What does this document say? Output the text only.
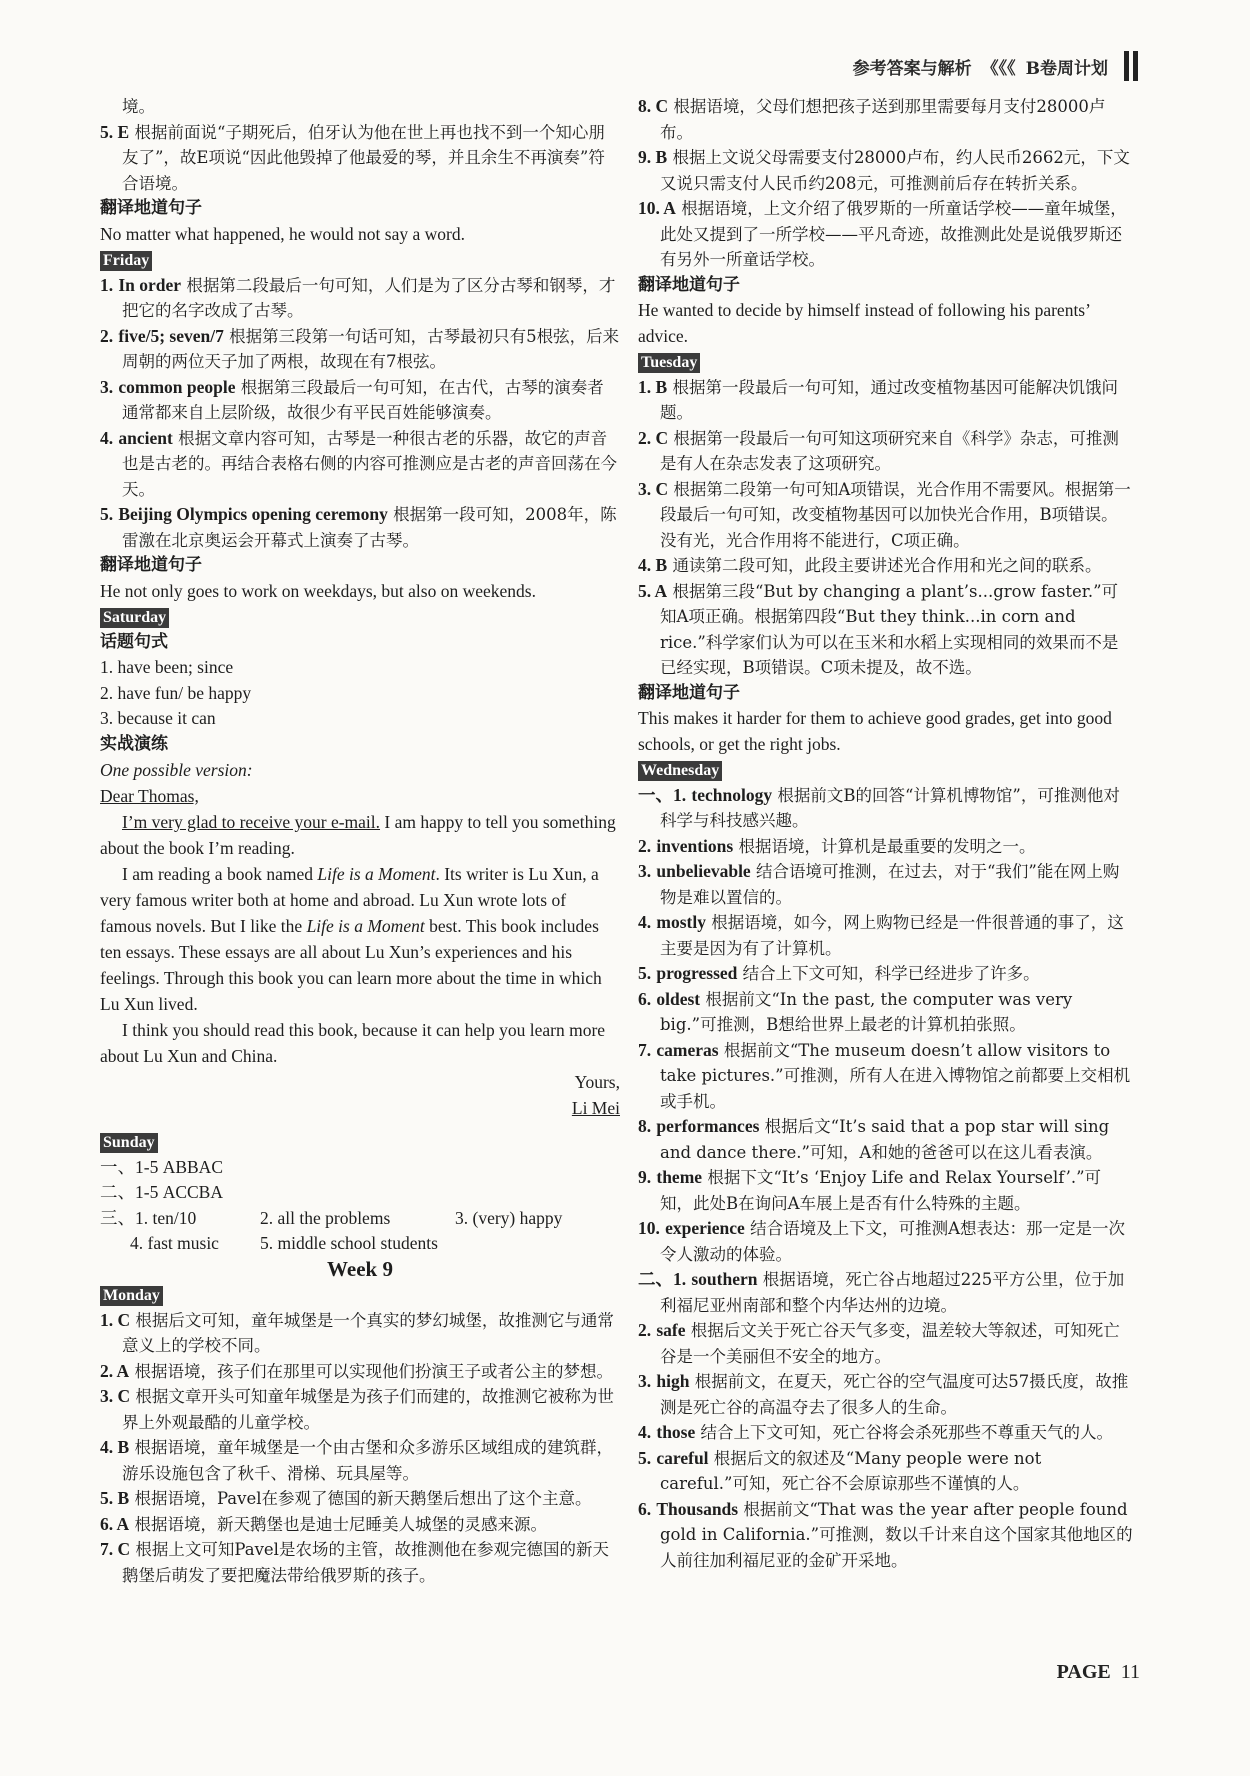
参考答案与解析 《《《 B卷周计划

境。

5. E 根据前面说“子期死后，伯牙认为他在世上再也找不到一个知心朋友了”，故E项说“因此他毁掉了他最爱的琴，并且余生不再演奏”符合语境。

翻译地道句子

No matter what happened, he would not say a word.

Friday

1. In order 根据第二段最后一句可知，人们是为了区分古琴和钢琴，才把它的名字改成了古琴。

2. five/5; seven/7 根据第三段第一句话可知，古琴最初只有5根弦，后来周朝的两位天子加了两根，故现在有7根弦。

3. common people 根据第三段最后一句可知，在古代，古琴的演奏者通常都来自上层阶级，故很少有平民百姓能够演奏。

4. ancient 根据文章内容可知，古琴是一种很古老的乐器，故它的声音也是古老的。再结合表格右侧的内容可推测应是古老的声音回荡在今天。

5. Beijing Olympics opening ceremony 根据第一段可知，2008年，陈雷激在北京奥运会开幕式上演奏了古琴。

翻译地道句子

He not only goes to work on weekdays, but also on weekends.

Saturday

话题句式

1. have been; since

2. have fun/ be happy

3. because it can

实战演练

One possible version:

Dear Thomas,

I’m very glad to receive your e-mail. I am happy to tell you something about the book I’m reading.

I am reading a book named Life is a Moment. Its writer is Lu Xun, a very famous writer both at home and abroad. Lu Xun wrote lots of famous novels. But I like the Life is a Moment best. This book includes ten essays. These essays are all about Lu Xun’s experiences and his feelings. Through this book you can learn more about the time in which Lu Xun lived.

I think you should read this book, because it can help you learn more about Lu Xun and China.

Yours,

Li Mei

Sunday

一、1-5 ABBAC

二、1-5 ACCBA

三、1. ten/10	2. all the problems	3. (very) happy
4. fast music	5. middle school students

Week 9

Monday

1. C 根据后文可知，童年城堡是一个真实的梦幻城堡，故推测它与通常意义上的学校不同。

2. A 根据语境，孩子们在那里可以实现他们扮演王子或者公主的梦想。

3. C 根据文章开头可知童年城堡是为孩子们而建的，故推测它被称为世界上外观最酷的儿童学校。

4. B 根据语境，童年城堡是一个由古堡和众多游乐区域组成的建筑群，游乐设施包含了秋千、滑梯、玩具屋等。

5. B 根据语境，Pavel在参观了德国的新天鹅堡后想出了这个主意。

6. A 根据语境，新天鹅堡也是迪士尼睡美人城堡的灵感来源。

7. C 根据上文可知Pavel是农场的主管，故推测他在参观完德国的新天鹅堡后萌发了要把魔法带给俄罗斯的孩子。

8. C 根据语境，父母们想把孩子送到那里需要每月支付28000卢布。

9. B 根据上文说父母需要支付28000卢布，约人民币2662元，下文又说只需支付人民币约208元，可推测前后存在转折关系。

10. A 根据语境，上文介绍了俄罗斯的一所童话学校——童年城堡，此处又提到了一所学校——平凡奇迹，故推测此处是说俄罗斯还有另外一所童话学校。

翻译地道句子

He wanted to decide by himself instead of following his parents’ advice.

Tuesday

1. B 根据第一段最后一句可知，通过改变植物基因可能解决饥饿问题。

2. C 根据第一段最后一句可知这项研究来自《科学》杂志，可推测是有人在杂志发表了这项研究。

3. C 根据第二段第一句可知A项错误，光合作用不需要风。根据第一段最后一句可知，改变植物基因可以加快光合作用，B项错误。没有光，光合作用将不能进行，C项正确。

4. B 通读第二段可知，此段主要讲述光合作用和光之间的联系。

5. A 根据第三段“But by changing a plant’s...grow faster.”可知A项正确。根据第四段“But they think...in corn and rice.”科学家们认为可以在玉米和水稻上实现相同的效果而不是已经实现，B项错误。C项未提及，故不选。

翻译地道句子

This makes it harder for them to achieve good grades, get into good schools, or get the right jobs.

Wednesday

一、1. technology 根据前文B的回答“计算机博物馆”，可推测他对科学与科技感兴趣。

2. inventions 根据语境，计算机是最重要的发明之一。

3. unbelievable 结合语境可推测，在过去，对于“我们”能在网上购物是难以置信的。

4. mostly 根据语境，如今，网上购物已经是一件很普通的事了，这主要是因为有了计算机。

5. progressed 结合上下文可知，科学已经进步了许多。

6. oldest 根据前文“In the past, the computer was very big.”可推测，B想给世界上最老的计算机拍张照。

7. cameras 根据前文“The museum doesn’t allow visitors to take pictures.”可推测，所有人在进入博物馆之前都要上交相机或手机。

8. performances 根据后文“It’s said that a pop star will sing and dance there.”可知，A和她的爸爸可以在这儿看表演。

9. theme 根据下文“It’s ‘Enjoy Life and Relax Yourself’.”可知，此处B在询问A车展上是否有什么特殊的主题。

10. experience 结合语境及上下文，可推测A想表达：那一定是一次令人激动的体验。

二、1. southern 根据语境，死亡谷占地超过225平方公里，位于加利福尼亚州南部和整个内华达州的边境。

2. safe 根据后文关于死亡谷天气多变，温差较大等叙述，可知死亡谷是一个美丽但不安全的地方。

3. high 根据前文，在夏天，死亡谷的空气温度可达57摄氏度，故推测是死亡谷的高温夺去了很多人的生命。

4. those 结合上下文可知，死亡谷将会杀死那些不尊重天气的人。

5. careful 根据后文的叙述及“Many people were not careful.”可知，死亡谷不会原谅那些不谨慎的人。

6. Thousands 根据前文“That was the year after people found gold in California.”可推测，数以千计来自这个国家其他地区的人前往加利福尼亚的金矿开采地。

PAGE 11
